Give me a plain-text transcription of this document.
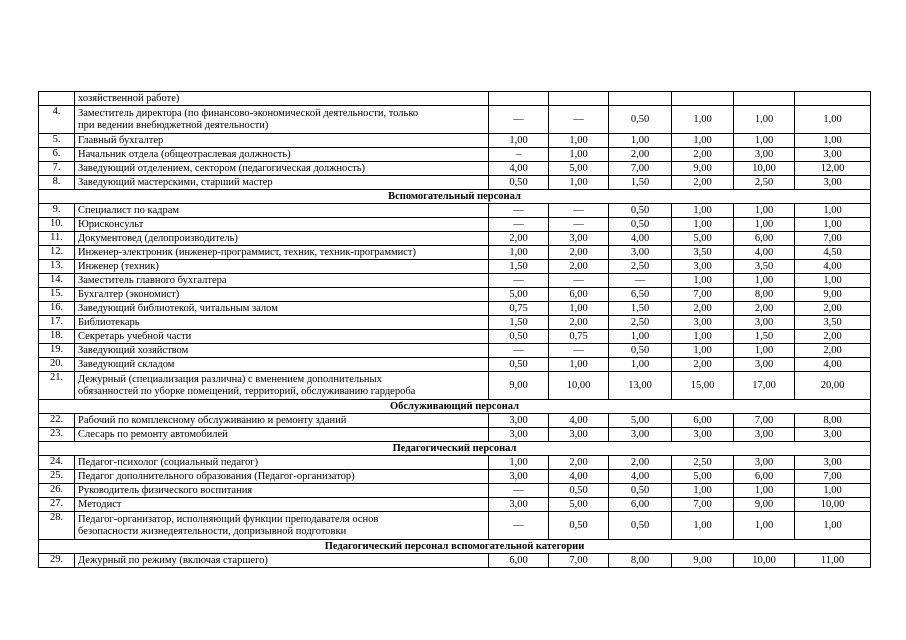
	хозяйственной работе)						
4.	Заместитель директора (по финансово-экономической деятельности, только
при ведении внебюджетной деятельности)	—	—	0,50	1,00	1,00	1,00
5.	Главный бухгалтер	1,00	1,00	1,00	1,00	1,00	1,00
6.	Начальник отдела (общеотраслевая должность)	–	1,00	2,00	2,00	3,00	3,00
7.	Заведующий отделением, сектором (педагогическая должность)	4,00	5,00	7,00	9,00	10,00	12,00
8.	Заведующий мастерскими, старший мастер	0,50	1,00	1,50	2,00	2,50	3,00
Вспомогательный персонал							
9.	Специалист по кадрам	—	—	0,50	1,00	1,00	1,00
10.	Юрисконсульт	—	—	0,50	1,00	1,00	1,00
11.	Документовед (делопроизводитель)	2,00	3,00	4,00	5,00	6,00	7,00
12.	Инженер-электроник (инженер-программист, техник, техник-программист)	1,00	2,00	3,00	3,50	4,00	4,50
13.	Инженер (техник)	1,50	2,00	2,50	3,00	3,50	4,00
14.	Заместитель главного бухгалтера	—	—	—	1,00	1,00	1,00
15.	Бухгалтер (экономист)	5,00	6,00	6,50	7,00	8,00	9,00
16.	Заведующий библиотекой, читальным залом	0,75	1,00	1,50	2,00	2,00	2,00
17.	Библиотекарь	1,50	2,00	2,50	3,00	3,00	3,50
18.	Секретарь учебной части	0,50	0,75	1,00	1,00	1,50	2,00
19.	Заведующий хозяйством	—	—	0,50	1,00	1,00	2,00
20.	Заведующий складом	0,50	1,00	1,00	2,00	3,00	4,00
21.	Дежурный (специализация различна) с вменением дополнительных
обязанностей по уборке помещений, территорий, обслуживанию гардероба	9,00	10,00	13,00	15,00	17,00	20,00
Обслуживающий персонал							
22.	Рабочий по комплексному обслуживанию и ремонту зданий	3,00	4,00	5,00	6,00	7,00	8,00
23.	Слесарь по ремонту автомобилей	3,00	3,00	3,00	3,00	3,00	3,00
Педагогический персонал							
24.	Педагог-психолог (социальный педагог)	1,00	2,00	2,00	2,50	3,00	3,00
25.	Педагог дополнительного образования (Педагог-организатор)	3,00	4,00	4,00	5,00	6,00	7,00
26.	Руководитель физического воспитания	—	0,50	0,50	1,00	1,00	1,00
27.	Методист	3,00	5,00	6,00	7,00	9,00	10,00
28.	Педагог-организатор, исполняющий функции преподавателя основ
безопасности жизнедеятельности, допризывной подготовки	—	0,50	0,50	1,00	1,00	1,00
Педагогический персонал вспомогательной категории							
29.	Дежурный по режиму (включая старшего)	6,00	7,00	8,00	9,00	10,00	11,00
